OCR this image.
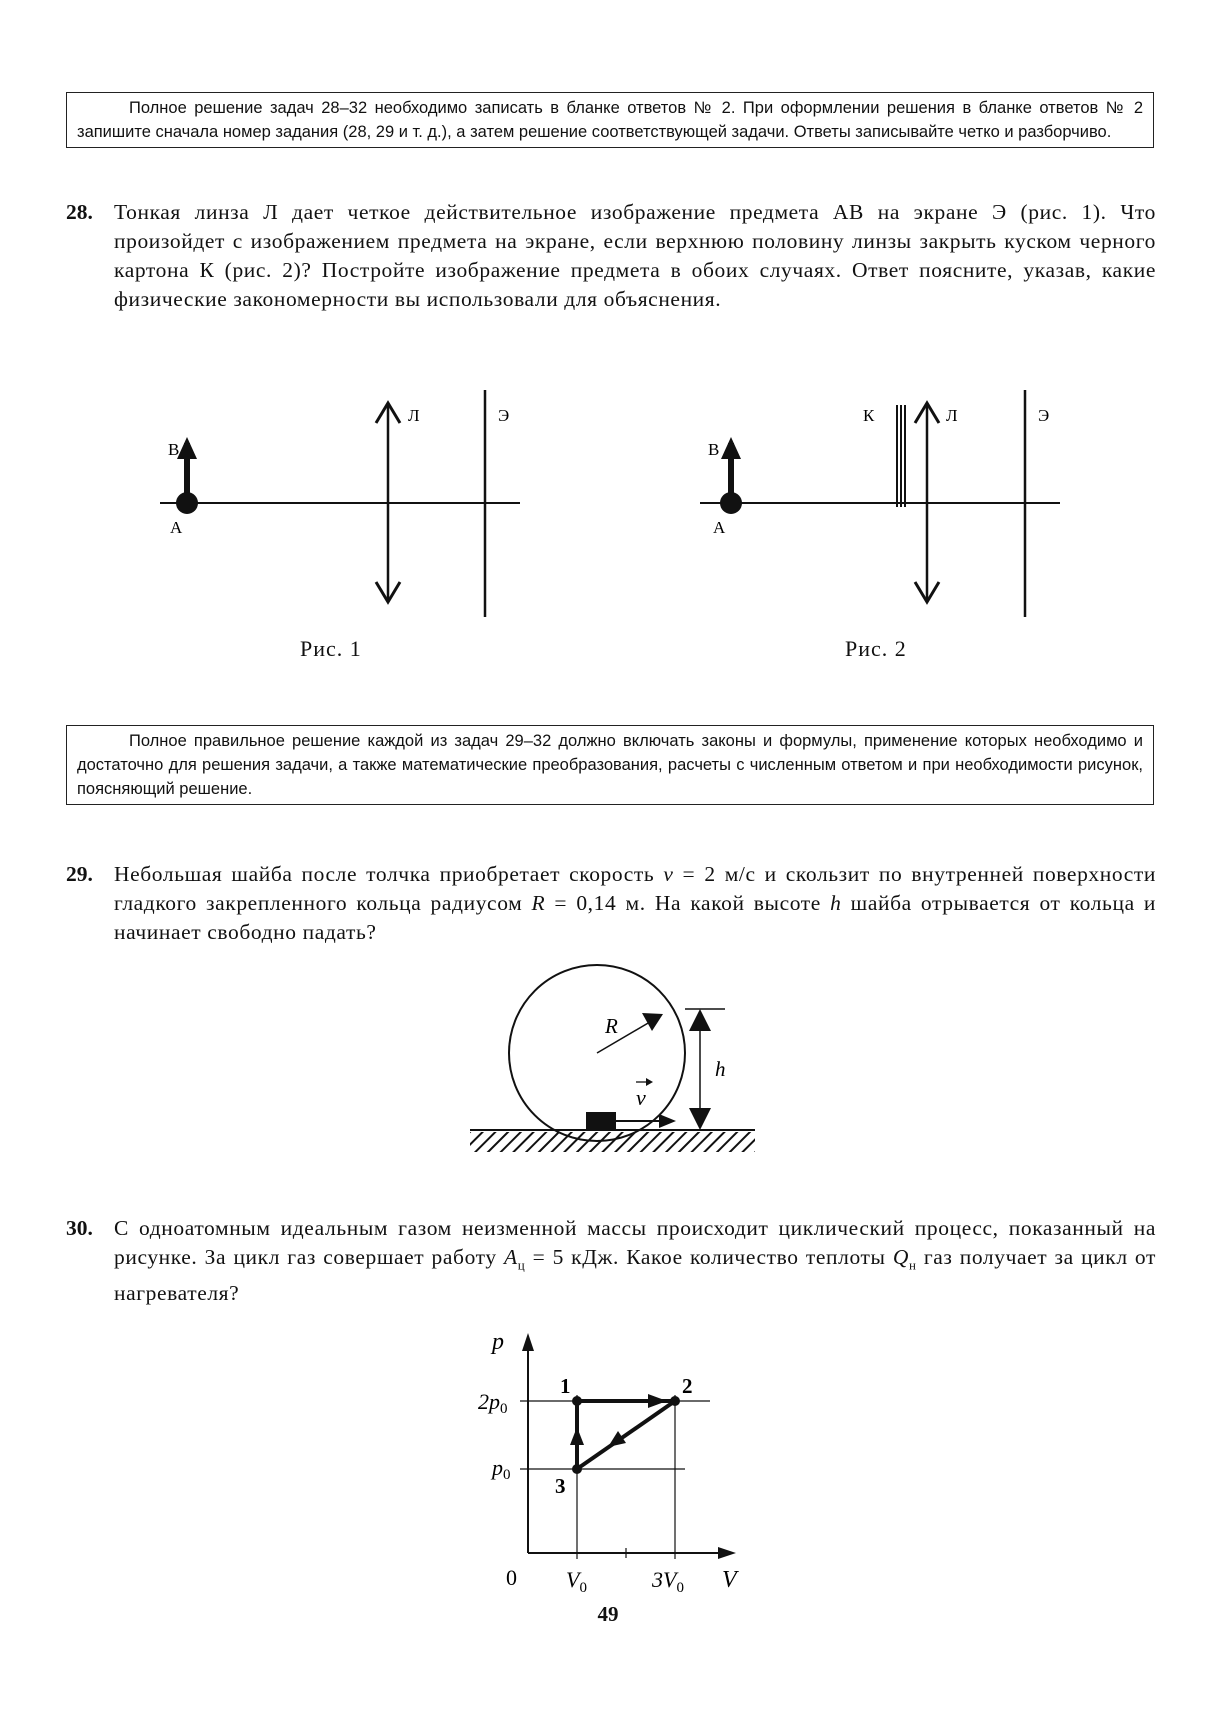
Полное решение задач 28–32 необходимо записать в бланке ответов № 2. При оформлении решения в бланке ответов № 2 запишите сначала номер задания (28, 29 и т. д.), а затем решение соответствующей задачи. Ответы записывайте четко и разборчиво.

28. Тонкая линза Л дает четкое действительное изображение предмета AB на экране Э (рис. 1). Что произойдет с изображением предмета на экране, если верхнюю половину линзы закрыть куском черного картона К (рис. 2)? Постройте изображение предмета в обоих случаях. Ответ поясните, указав, какие физические закономерности вы использовали для объяснения.
В
А
Л	Э
Рис. 1
В
А
К	Л	Э
Рис. 2

Полное правильное решение каждой из задач 29–32 должно включать законы и формулы, применение которых необходимо и достаточно для решения задачи, а также математические преобразования, расчеты с численным ответом и при необходимости рисунок, поясняющий решение.

29. Небольшая шайба после толчка приобретает скорость v = 2 м/с и скользит по внутренней поверхности гладкого закрепленного кольца радиусом R = 0,14 м. На какой высоте h шайба отрывается от кольца и начинает свободно падать?
R
h
v
30. С одноатомным идеальным газом неизменной массы происходит циклический процесс, показанный на рисунке. За цикл газ совершает работу $A_ц = 5$ кДж. Какое количество теплоты $Q_н$ газ получает за цикл от нагревателя?
p
V
0
2p0
p0
$V_0$	$3V_0$
1	2
3
49
